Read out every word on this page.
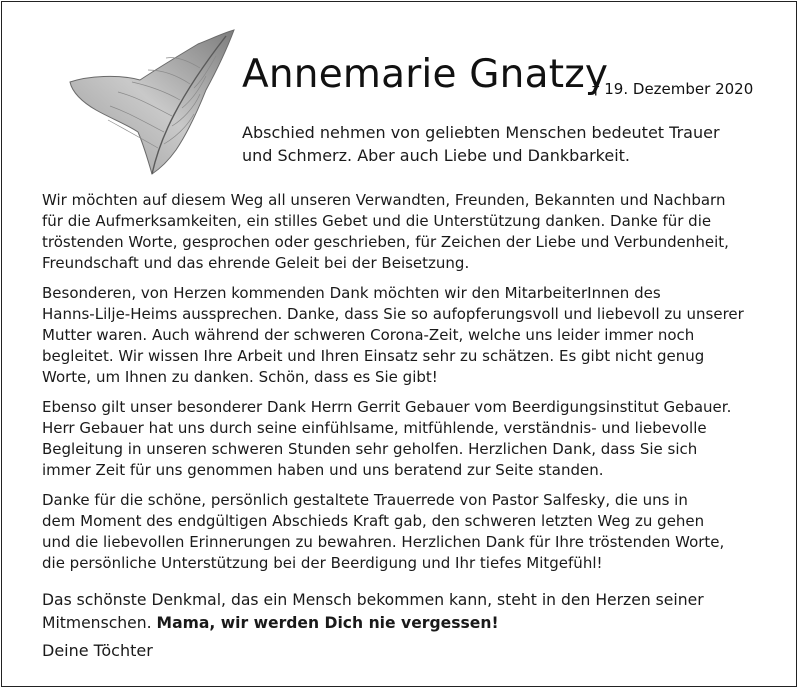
Annemarie Gnatzy
† 19. Dezember 2020
Abschied nehmen von geliebten Menschen bedeutet Trauer
und Schmerz. Aber auch Liebe und Dankbarkeit.
Wir möchten auf diesem Weg all unseren Verwandten, Freunden, Bekannten und Nachbarn
für die Aufmerksamkeiten, ein stilles Gebet und die Unterstützung danken. Danke für die
tröstenden Worte, gesprochen oder geschrieben, für Zeichen der Liebe und Verbundenheit,
Freundschaft und das ehrende Geleit bei der Beisetzung.
Besonderen, von Herzen kommenden Dank möchten wir den MitarbeiterInnen des
Hanns-Lilje-Heims aussprechen. Danke, dass Sie so aufopferungsvoll und liebevoll zu unserer
Mutter waren. Auch während der schweren Corona-Zeit, welche uns leider immer noch
begleitet. Wir wissen Ihre Arbeit und Ihren Einsatz sehr zu schätzen. Es gibt nicht genug
Worte, um Ihnen zu danken. Schön, dass es Sie gibt!
Ebenso gilt unser besonderer Dank Herrn Gerrit Gebauer vom Beerdigungsinstitut Gebauer.
Herr Gebauer hat uns durch seine einfühlsame, mitfühlende, verständnis- und liebevolle
Begleitung in unseren schweren Stunden sehr geholfen. Herzlichen Dank, dass Sie sich
immer Zeit für uns genommen haben und uns beratend zur Seite standen.
Danke für die schöne, persönlich gestaltete Trauerrede von Pastor Salfesky, die uns in
dem Moment des endgültigen Abschieds Kraft gab, den schweren letzten Weg zu gehen
und die liebevollen Erinnerungen zu bewahren. Herzlichen Dank für Ihre tröstenden Worte,
die persönliche Unterstützung bei der Beerdigung und Ihr tiefes Mitgefühl!
Das schönste Denkmal, das ein Mensch bekommen kann, steht in den Herzen seiner
Mitmenschen. Mama, wir werden Dich nie vergessen!
Deine Töchter
